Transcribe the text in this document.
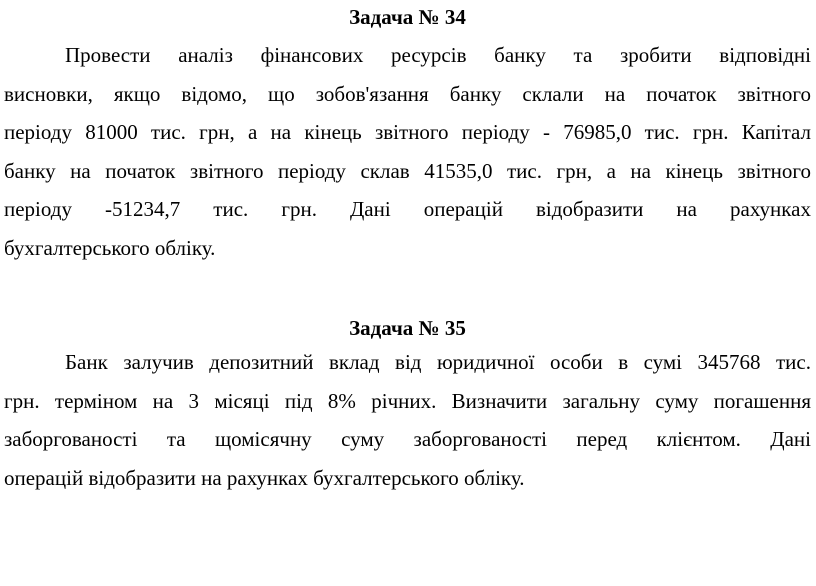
Задача № 34

Провести аналіз фінансових ресурсів банку та зробити відповідні
висновки, якщо відомо, що зобов'язання банку склали на початок звітного
періоду 81000 тис. грн, а на кінець звітного періоду - 76985,0 тис. грн. Капітал
банку на початок звітного періоду склав 41535,0 тис. грн, а на кінець звітного
періоду -51234,7 тис. грн. Дані операцій відобразити на рахунках
бухгалтерського обліку.

Задача № 35

Банк залучив депозитний вклад від юридичної особи в сумі 345768 тис.
грн. терміном на 3 місяці під 8% річних. Визначити загальну суму погашення
заборгованості та щомісячну суму заборгованості перед клієнтом. Дані
операцій відобразити на рахунках бухгалтерського обліку.
